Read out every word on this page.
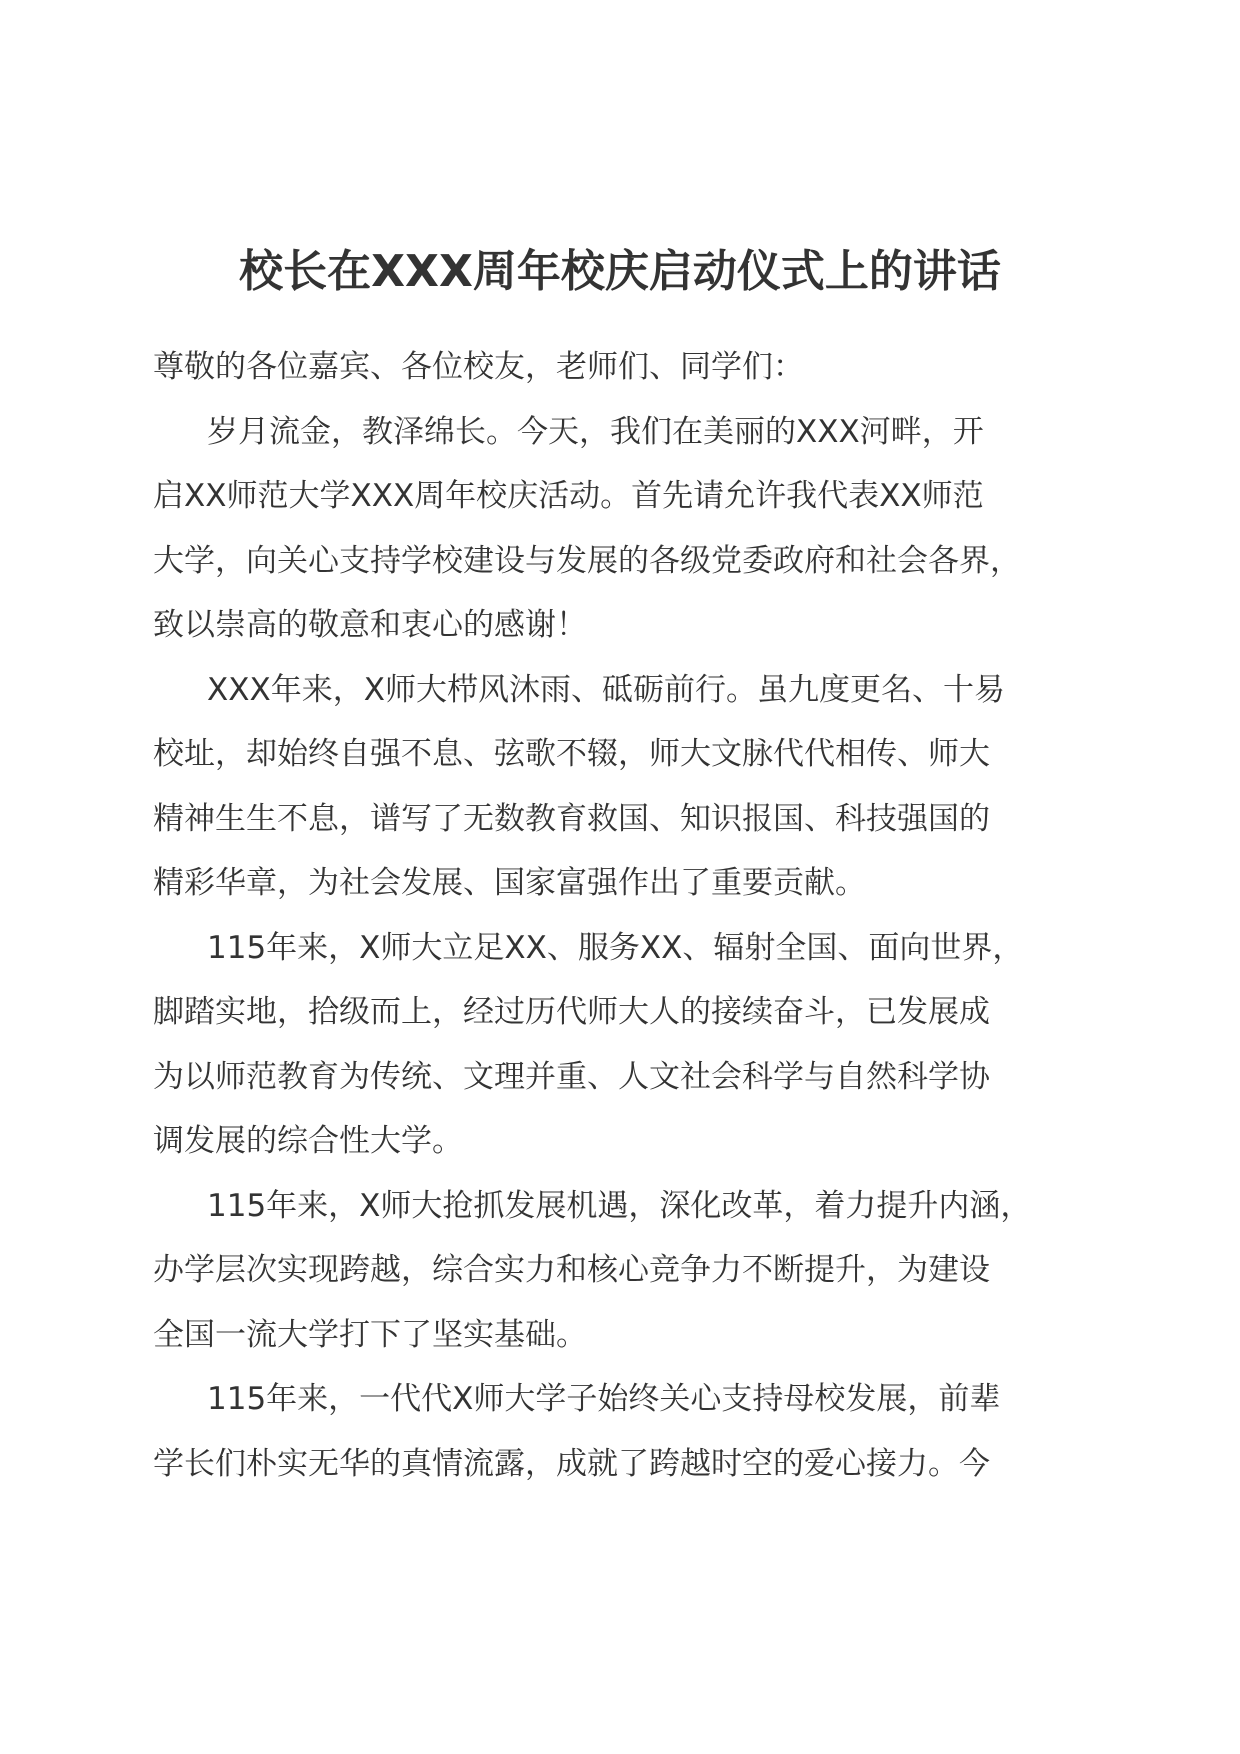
校长在XXX周年校庆启动仪式上的讲话
尊敬的各位嘉宾、各位校友，老师们、同学们：
岁月流金，教泽绵长。今天，我们在美丽的XXX河畔，开
启XX师范大学XXX周年校庆活动。首先请允许我代表XX师范
大学，向关心支持学校建设与发展的各级党委政府和社会各界，
致以崇高的敬意和衷心的感谢！
XXX年来，X师大栉风沐雨、砥砺前行。虽九度更名、十易
校址，却始终自强不息、弦歌不辍，师大文脉代代相传、师大
精神生生不息，谱写了无数教育救国、知识报国、科技强国的
精彩华章，为社会发展、国家富强作出了重要贡献。
115年来，X师大立足XX、服务XX、辐射全国、面向世界，
脚踏实地，拾级而上，经过历代师大人的接续奋斗，已发展成
为以师范教育为传统、文理并重、人文社会科学与自然科学协
调发展的综合性大学。
115年来，X师大抢抓发展机遇，深化改革，着力提升内涵，
办学层次实现跨越，综合实力和核心竞争力不断提升，为建设
全国一流大学打下了坚实基础。
115年来，一代代X师大学子始终关心支持母校发展，前辈
学长们朴实无华的真情流露，成就了跨越时空的爱心接力。今
